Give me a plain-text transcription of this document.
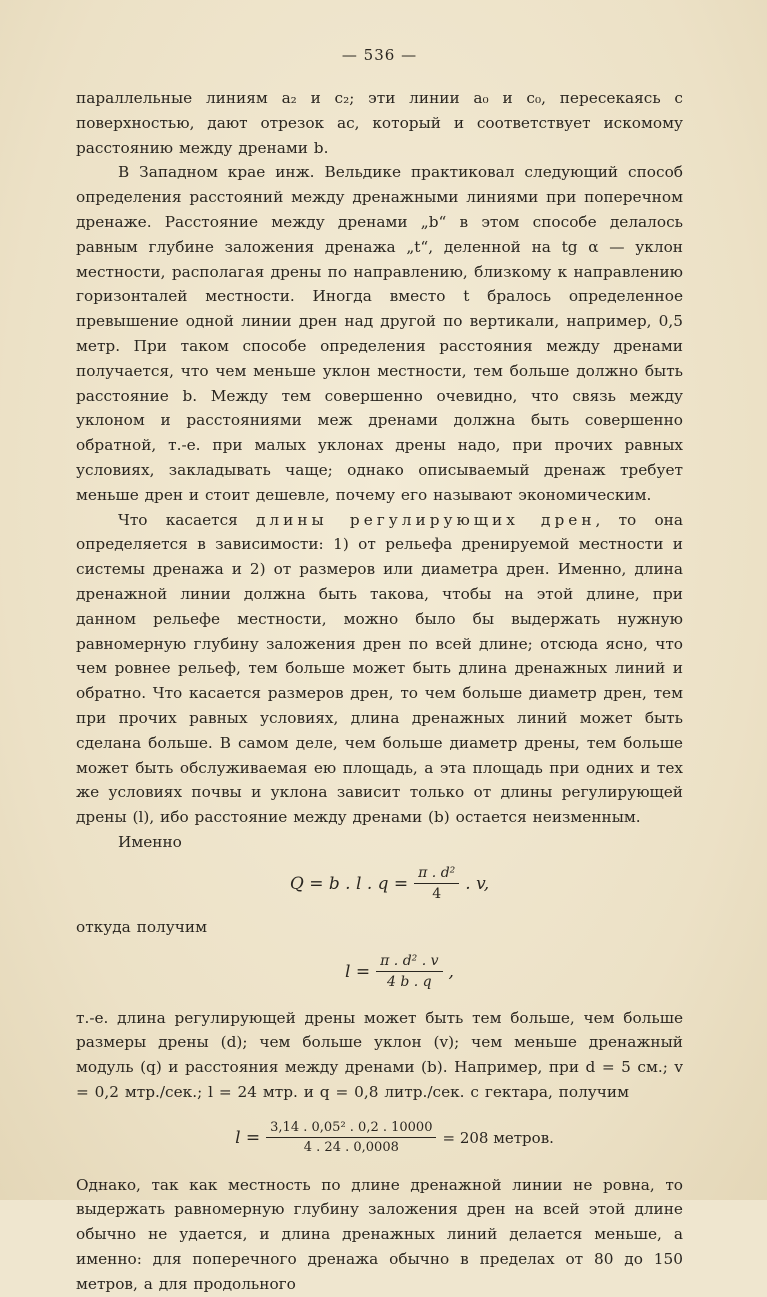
— 536 —

параллельные линиям a₂ и c₂; эти линии a₀ и c₀, пересекаясь с поверхностью, дают отрезок ac, который и соответствует искомому расстоянию между дренами b.

В Западном крае инж. Вельдике практиковал следующий способ определения расстояний между дренажными линиями при поперечном дренаже. Расстояние между дренами „b“ в этом способе делалось равным глубине заложения дренажа „t“, деленной на tg α — уклон местности, располагая дрены по направлению, близкому к направлению горизонталей местности. Иногда вместо t бралось определенное превышение одной линии дрен над другой по вертикали, например, 0,5 метр. При таком способе определения расстояния между дренами получается, что чем меньше уклон местности, тем больше должно быть расстояние b. Между тем совершенно очевидно, что связь между уклоном и расстояниями меж дренами должна быть совершенно обратной, т.-е. при малых уклонах дрены надо, при прочих равных условиях, закладывать чаще; однако описываемый дренаж требует меньше дрен и стоит дешевле, почему его называют экономическим.

Что касается длины регулирующих дрен, то она определяется в зависимости: 1) от рельефа дренируемой местности и системы дренажа и 2) от размеров или диаметра дрен. Именно, длина дренажной линии должна быть такова, чтобы на этой длине, при данном рельефе местности, можно было бы выдержать нужную равномерную глубину заложения дрен по всей длине; отсюда ясно, что чем ровнее рельеф, тем больше может быть длина дренажных линий и обратно. Что касается размеров дрен, то чем больше диаметр дрен, тем при прочих равных условиях, длина дренажных линий может быть сделана больше. В самом деле, чем больше диаметр дрены, тем больше может быть обслуживаемая ею площадь, а эта площадь при одних и тех же условиях почвы и уклона зависит только от длины регулирующей дрены (l), ибо расстояние между дренами (b) остается неизменным.

Именно

Q = b . l . $q = \frac{\text{π . d²}}{4}$ . v,

откуда получим

$l = \frac{\text{π . d² . v}}{4 b . q}$ ,

т.-е. длина регулирующей дрены может быть тем больше, чем больше размеры дрены (d); чем больше уклон (v); чем меньше дренажный модуль (q) и расстояния между дренами (b). Например, при d = 5 см.; v = 0,2 мтр./сек.; l = 24 мтр. и q = 0,8 литр./сек. с гектара, получим

$l = \frac{\text{3,14 . 0,05² . 0,2 . 10000}}{4 . 24 . 0,0008} = 208$ метров.

Однако, так как местность по длине дренажной линии не ровна, то выдержать равномерную глубину заложения дрен на всей этой длине обычно не удается, и длина дренажных линий делается меньше, а именно: для поперечного дренажа обычно в пределах от 80 до 150 метров, а для продольного
